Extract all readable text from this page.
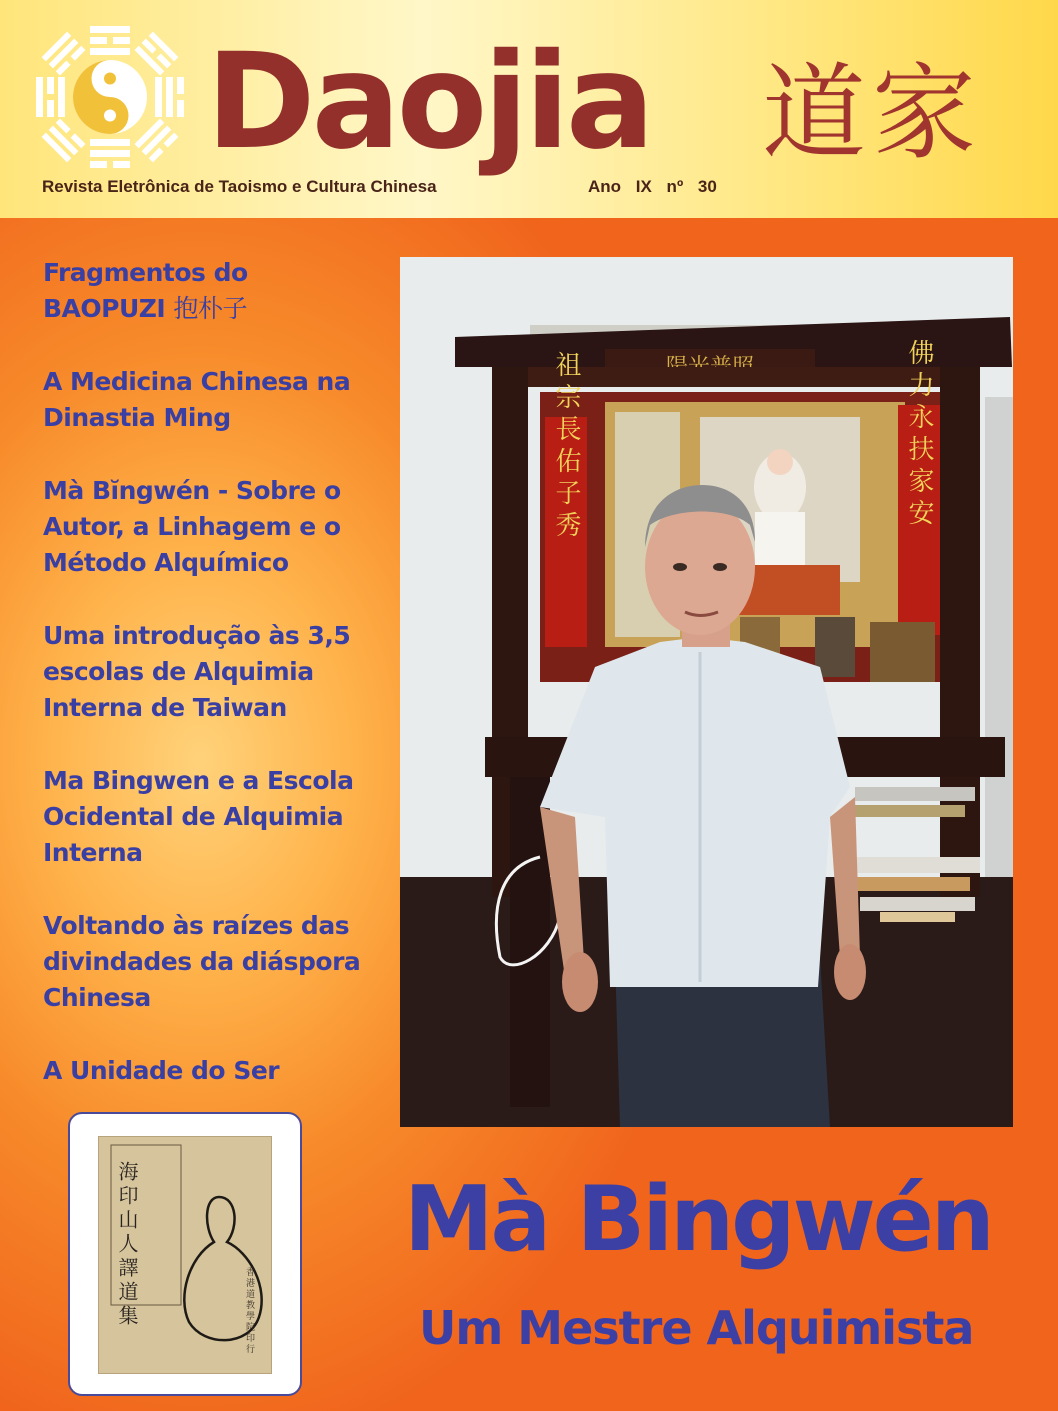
Daojia 道家
Revista Eletrônica de Taoismo e Cultura Chinesa	Ano IX nº 30
Fragmentos do
BAOPUZI 抱朴子
A Medicina Chinesa na
Dinastia Ming
Mà Bĭngwén - Sobre o
Autor, a Linhagem e o
Método Alquímico
Uma introdução às 3,5
escolas de Alquimia
Interna de Taiwan
Ma Bingwen e a Escola
Ocidental de Alquimia
Interna
Voltando às raízes das
divindades da diáspora
Chinesa
A Unidade do Ser
祖宗長佑子秀	佛力永扶家安
海印山人譯道集	香港道教學院印行
Mà Bingwén
Um Mestre Alquimista
